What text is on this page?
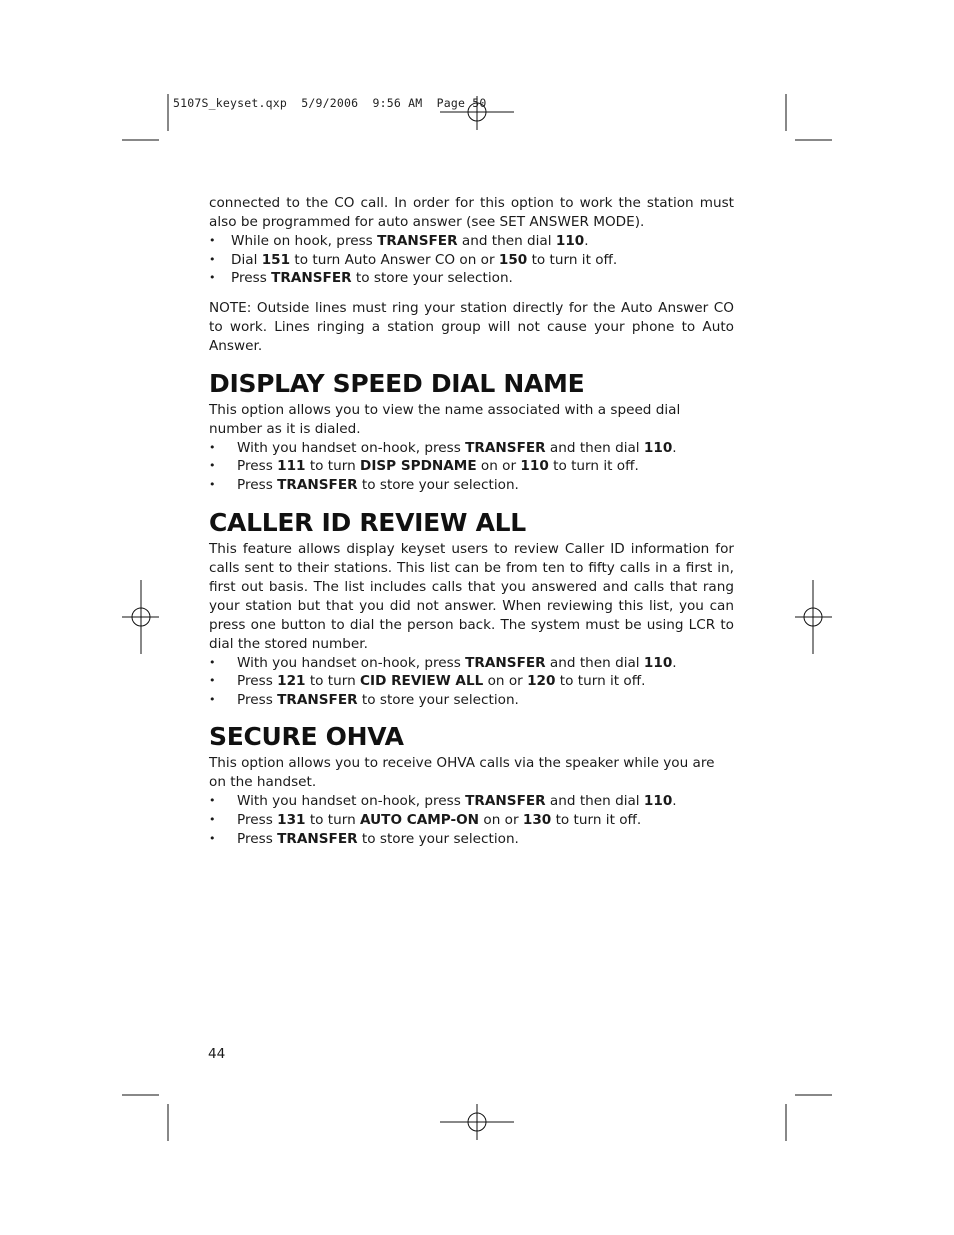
5107S_keyset.qxp  5/9/2006  9:56 AM  Page 50

connected to the CO call. In order for this option to work the station must also be programmed for auto answer (see SET ANSWER MODE).

• While on hook, press TRANSFER and then dial 110.
• Dial 151 to turn Auto Answer CO on or 150 to turn it off.
• Press TRANSFER to store your selection.

NOTE: Outside lines must ring your station directly for the Auto Answer CO to work. Lines ringing a station group will not cause your phone to Auto Answer.

DISPLAY SPEED DIAL NAME

This option allows you to view the name associated with a speed dial number as it is dialed.

• With you handset on-hook, press TRANSFER and then dial 110.
• Press 111 to turn DISP SPDNAME on or 110 to turn it off.
• Press TRANSFER to store your selection.
CALLER ID REVIEW ALL

This feature allows display keyset users to review Caller ID information for calls sent to their stations. This list can be from ten to fifty calls in a first in, first out basis. The list includes calls that you answered and calls that rang your station but that you did not answer. When reviewing this list, you can press one button to dial the person back. The system must be using LCR to dial the stored number.

• With you handset on-hook, press TRANSFER and then dial 110.
• Press 121 to turn CID REVIEW ALL on or 120 to turn it off.
• Press TRANSFER to store your selection.
SECURE OHVA

This option allows you to receive OHVA calls via the speaker while you are on the handset.

• With you handset on-hook, press TRANSFER and then dial 110.
• Press 131 to turn AUTO CAMP-ON on or 130 to turn it off.
• Press TRANSFER to store your selection.
44
